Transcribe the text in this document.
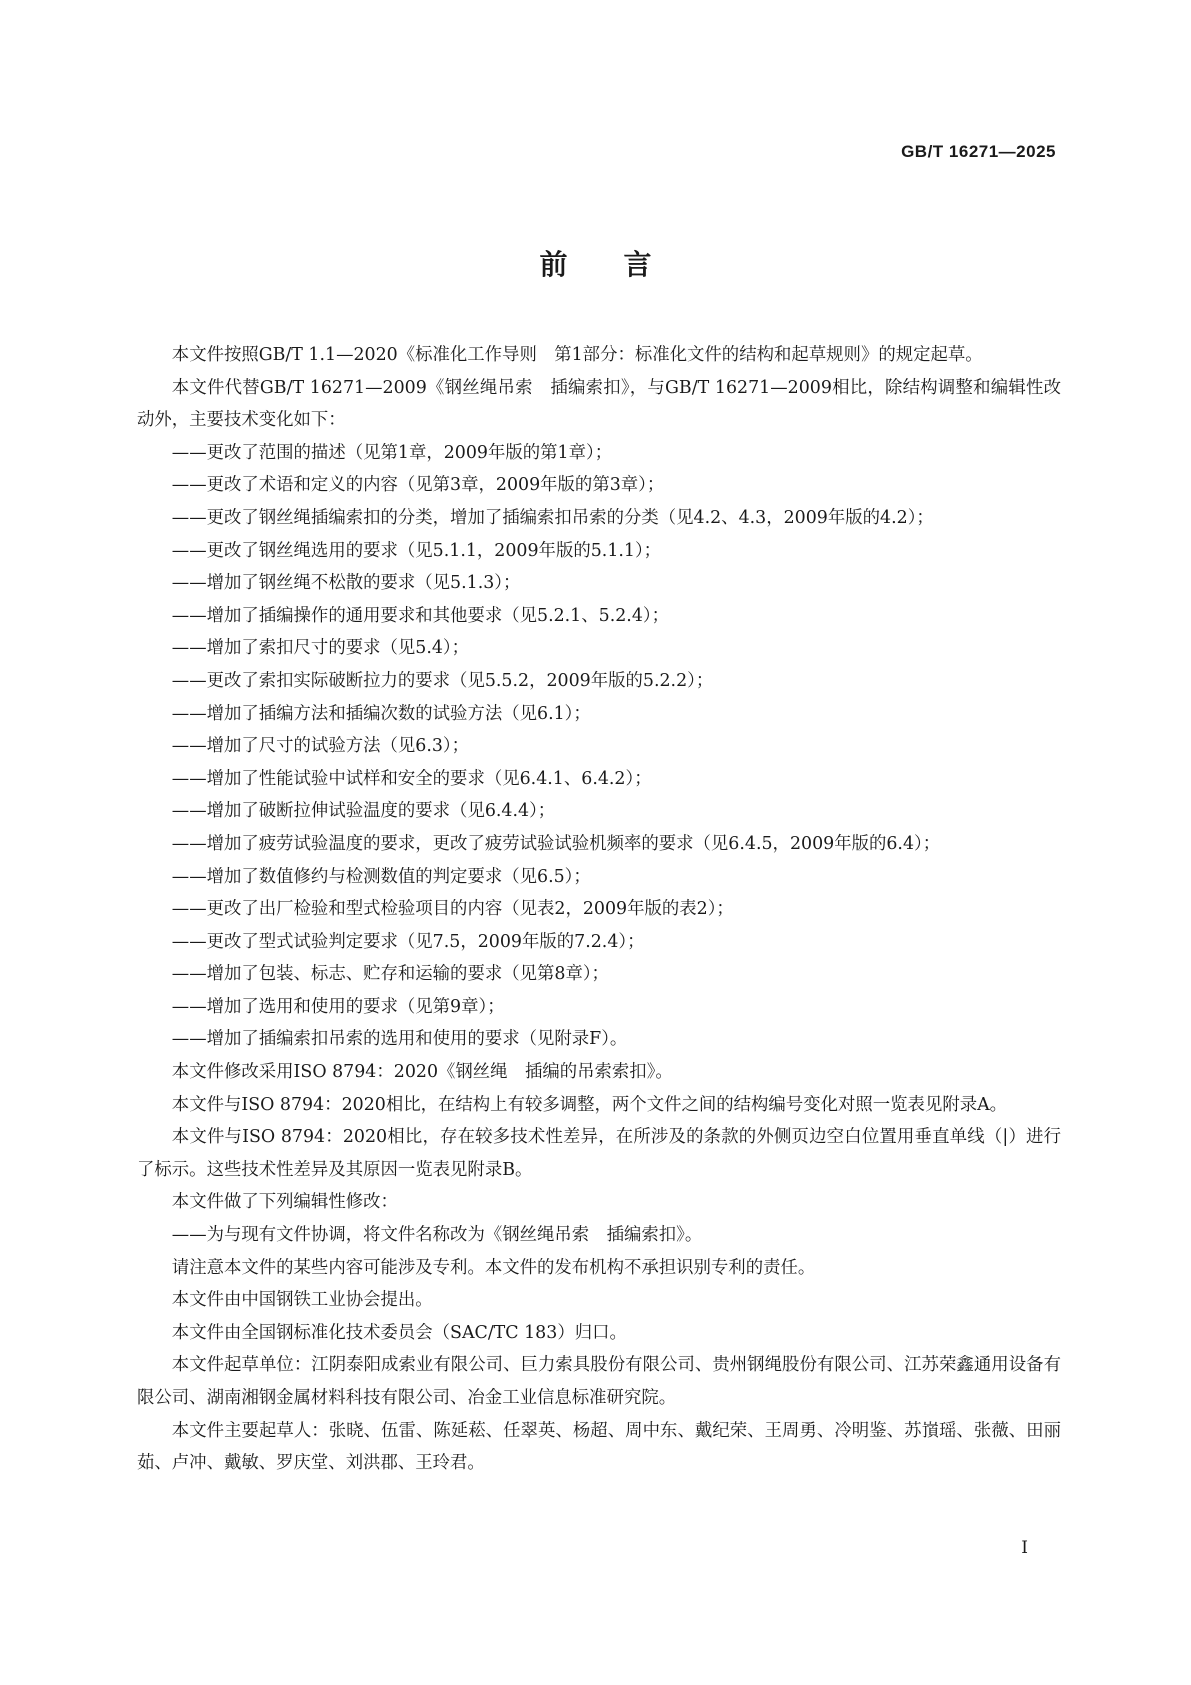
GB/T 16271—2025
前言

本文件按照GB/T 1.1—2020《标准化工作导则　第1部分：标准化文件的结构和起草规则》的规定起草。

本文件代替GB/T 16271—2009《钢丝绳吊索　插编索扣》，与GB/T 16271—2009相比，除结构调整和编辑性改动外，主要技术变化如下：

——更改了范围的描述（见第1章，2009年版的第1章）；

——更改了术语和定义的内容（见第3章，2009年版的第3章）；

——更改了钢丝绳插编索扣的分类，增加了插编索扣吊索的分类（见4.2、4.3，2009年版的4.2）；

——更改了钢丝绳选用的要求（见5.1.1，2009年版的5.1.1）；

——增加了钢丝绳不松散的要求（见5.1.3）；

——增加了插编操作的通用要求和其他要求（见5.2.1、5.2.4）；

——增加了索扣尺寸的要求（见5.4）；

——更改了索扣实际破断拉力的要求（见5.5.2，2009年版的5.2.2）；

——增加了插编方法和插编次数的试验方法（见6.1）；

——增加了尺寸的试验方法（见6.3）；

——增加了性能试验中试样和安全的要求（见6.4.1、6.4.2）；

——增加了破断拉伸试验温度的要求（见6.4.4）；

——增加了疲劳试验温度的要求，更改了疲劳试验试验机频率的要求（见6.4.5，2009年版的6.4）；

——增加了数值修约与检测数值的判定要求（见6.5）；

——更改了出厂检验和型式检验项目的内容（见表2，2009年版的表2）；

——更改了型式试验判定要求（见7.5，2009年版的7.2.4）；

——增加了包装、标志、贮存和运输的要求（见第8章）；

——增加了选用和使用的要求（见第9章）；

——增加了插编索扣吊索的选用和使用的要求（见附录F）。

本文件修改采用ISO 8794：2020《钢丝绳　插编的吊索索扣》。

本文件与ISO 8794：2020相比，在结构上有较多调整，两个文件之间的结构编号变化对照一览表见附录A。

本文件与ISO 8794：2020相比，存在较多技术性差异，在所涉及的条款的外侧页边空白位置用垂直单线（|）进行了标示。这些技术性差异及其原因一览表见附录B。

本文件做了下列编辑性修改：

——为与现有文件协调，将文件名称改为《钢丝绳吊索　插编索扣》。

请注意本文件的某些内容可能涉及专利。本文件的发布机构不承担识别专利的责任。

本文件由中国钢铁工业协会提出。

本文件由全国钢标准化技术委员会（SAC/TC 183）归口。

本文件起草单位：江阴泰阳成索业有限公司、巨力索具股份有限公司、贵州钢绳股份有限公司、江苏荣鑫通用设备有限公司、湖南湘钢金属材料科技有限公司、冶金工业信息标准研究院。

本文件主要起草人：张晓、伍雷、陈延菘、任翠英、杨超、周中东、戴纪荣、王周勇、冷明鉴、苏嵿瑶、张薇、田丽茹、卢冲、戴敏、罗庆堂、刘洪郡、王玲君。

I
